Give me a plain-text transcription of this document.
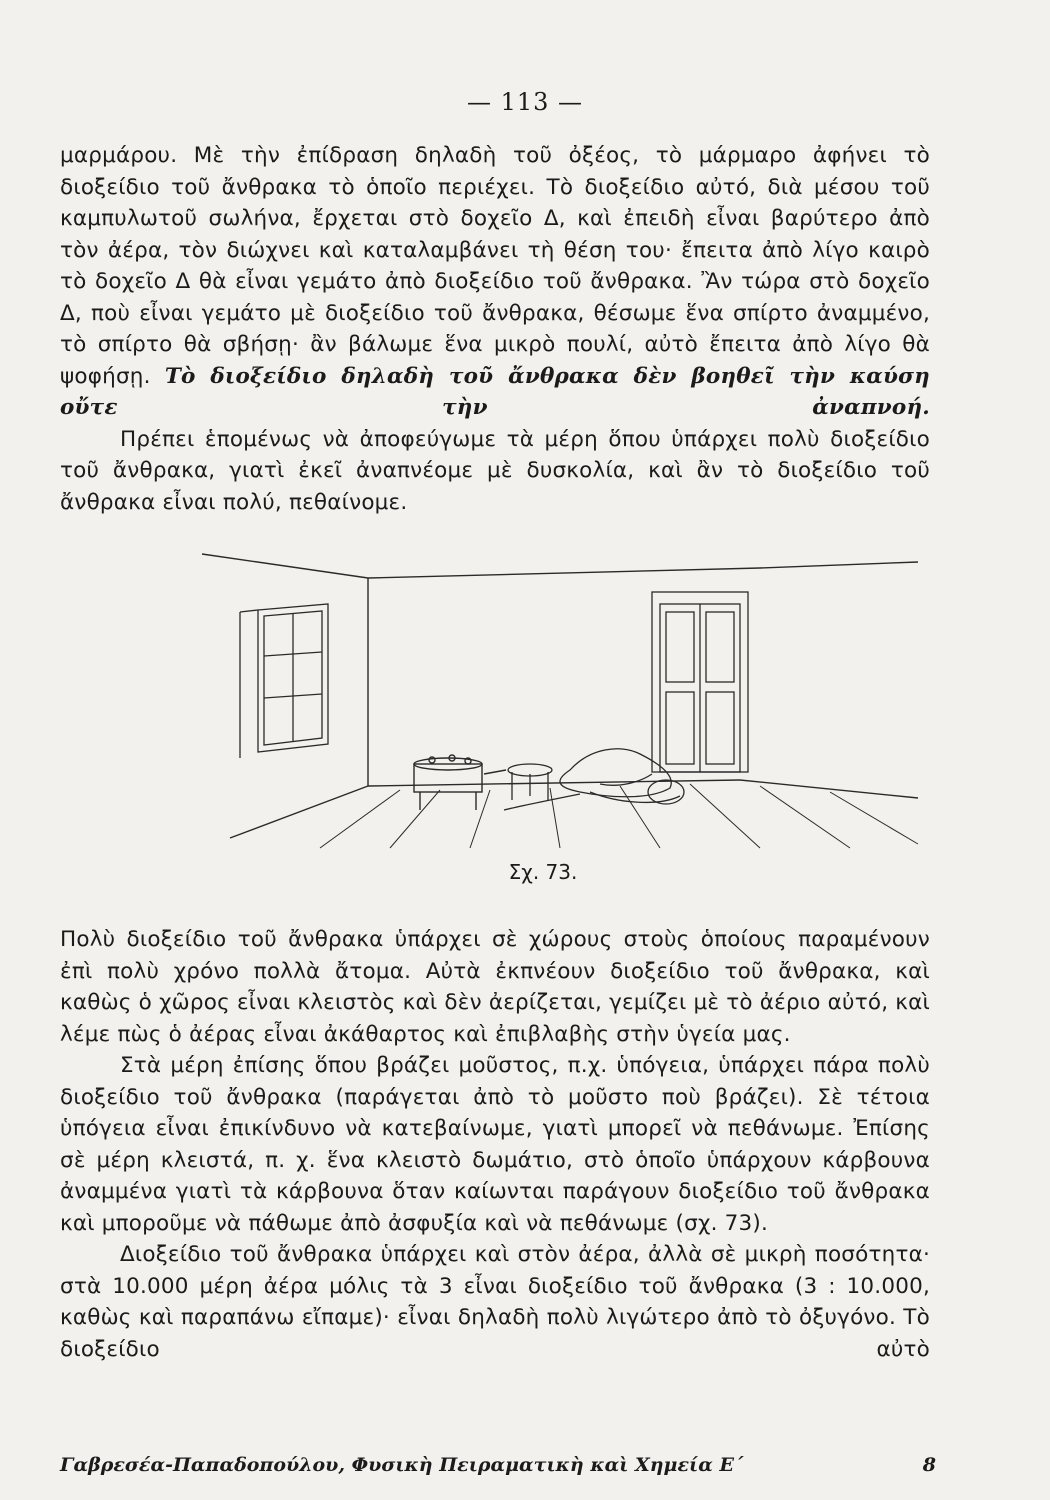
— 113 —

μαρμάρου. Μὲ τὴν ἐπίδραση δηλαδὴ τοῦ ὀξέος, τὸ μάρμαρο ἀφήνει τὸ διοξείδιο τοῦ ἄνθρακα τὸ ὁποῖο περιέχει. Τὸ διοξείδιο αὐτό, διὰ μέσου τοῦ καμπυλωτοῦ σωλήνα, ἔρχεται στὸ δοχεῖο Δ, καὶ ἐπειδὴ εἶναι βαρύτερο ἀπὸ τὸν ἀέρα, τὸν διώχνει καὶ καταλαμβάνει τὴ θέση του· ἔπειτα ἀπὸ λίγο καιρὸ τὸ δοχεῖο Δ θὰ εἶναι γεμάτο ἀπὸ διοξείδιο τοῦ ἄνθρακα. Ἂν τώρα στὸ δοχεῖο Δ, ποὺ εἶναι γεμάτο μὲ διοξείδιο τοῦ ἄνθρακα, θέσωμε ἕνα σπίρτο ἀναμμένο, τὸ σπίρτο θὰ σβήσῃ· ἂν βάλωμε ἕνα μικρὸ πουλί, αὐτὸ ἔπειτα ἀπὸ λίγο θὰ ψοφήσῃ. Τὸ διοξείδιο δηλαδὴ τοῦ ἄνθρακα δὲν βοηθεῖ τὴν καύση οὔτε τὴν ἀναπνοή.

Πρέπει ἑπομένως νὰ ἀποφεύγωμε τὰ μέρη ὅπου ὑπάρχει πολὺ διοξείδιο τοῦ ἄνθρακα, γιατὶ ἐκεῖ ἀναπνέομε μὲ δυσκολία, καὶ ἂν τὸ διοξείδιο τοῦ ἄνθρακα εἶναι πολύ, πεθαίνομε.

Σχ. 73.

Πολὺ διοξείδιο τοῦ ἄνθρακα ὑπάρχει σὲ χώρους στοὺς ὁποίους παραμένουν ἐπὶ πολὺ χρόνο πολλὰ ἄτομα. Αὐτὰ ἐκπνέουν διοξείδιο τοῦ ἄνθρακα, καὶ καθὼς ὁ χῶρος εἶναι κλειστὸς καὶ δὲν ἀερίζεται, γεμίζει μὲ τὸ ἀέριο αὐτό, καὶ λέμε πὼς ὁ ἀέρας εἶναι ἀκάθαρτος καὶ ἐπιβλαβὴς στὴν ὑγεία μας.

Στὰ μέρη ἐπίσης ὅπου βράζει μοῦστος, π.χ. ὑπόγεια, ὑπάρχει πάρα πολὺ διοξείδιο τοῦ ἄνθρακα (παράγεται ἀπὸ τὸ μοῦστο ποὺ βράζει). Σὲ τέτοια ὑπόγεια εἶναι ἐπικίνδυνο νὰ κατεβαίνωμε, γιατὶ μπορεῖ νὰ πεθάνωμε. Ἐπίσης σὲ μέρη κλειστά, π. χ. ἕνα κλειστὸ δωμάτιο, στὸ ὁποῖο ὑπάρχουν κάρβουνα ἀναμμένα γιατὶ τὰ κάρβουνα ὅταν καίωνται παράγουν διοξείδιο τοῦ ἄνθρακα καὶ μποροῦμε νὰ πάθωμε ἀπὸ ἀσφυξία καὶ νὰ πεθάνωμε (σχ. 73).

Διοξείδιο τοῦ ἄνθρακα ὑπάρχει καὶ στὸν ἀέρα, ἀλλὰ σὲ μικρὴ ποσότητα· στὰ 10.000 μέρη ἀέρα μόλις τὰ 3 εἶναι διοξείδιο τοῦ ἄνθρακα (3 : 10.000, καθὼς καὶ παραπάνω εἴπαμε)· εἶναι δηλαδὴ πολὺ λιγώτερο ἀπὸ τὸ ὀξυγόνο. Τὸ διοξείδιο αὐτὸ

Γαβρεσέα-Παπαδοπούλου, Φυσικὴ Πειραματικὴ καὶ Χημεία Ε΄	8
